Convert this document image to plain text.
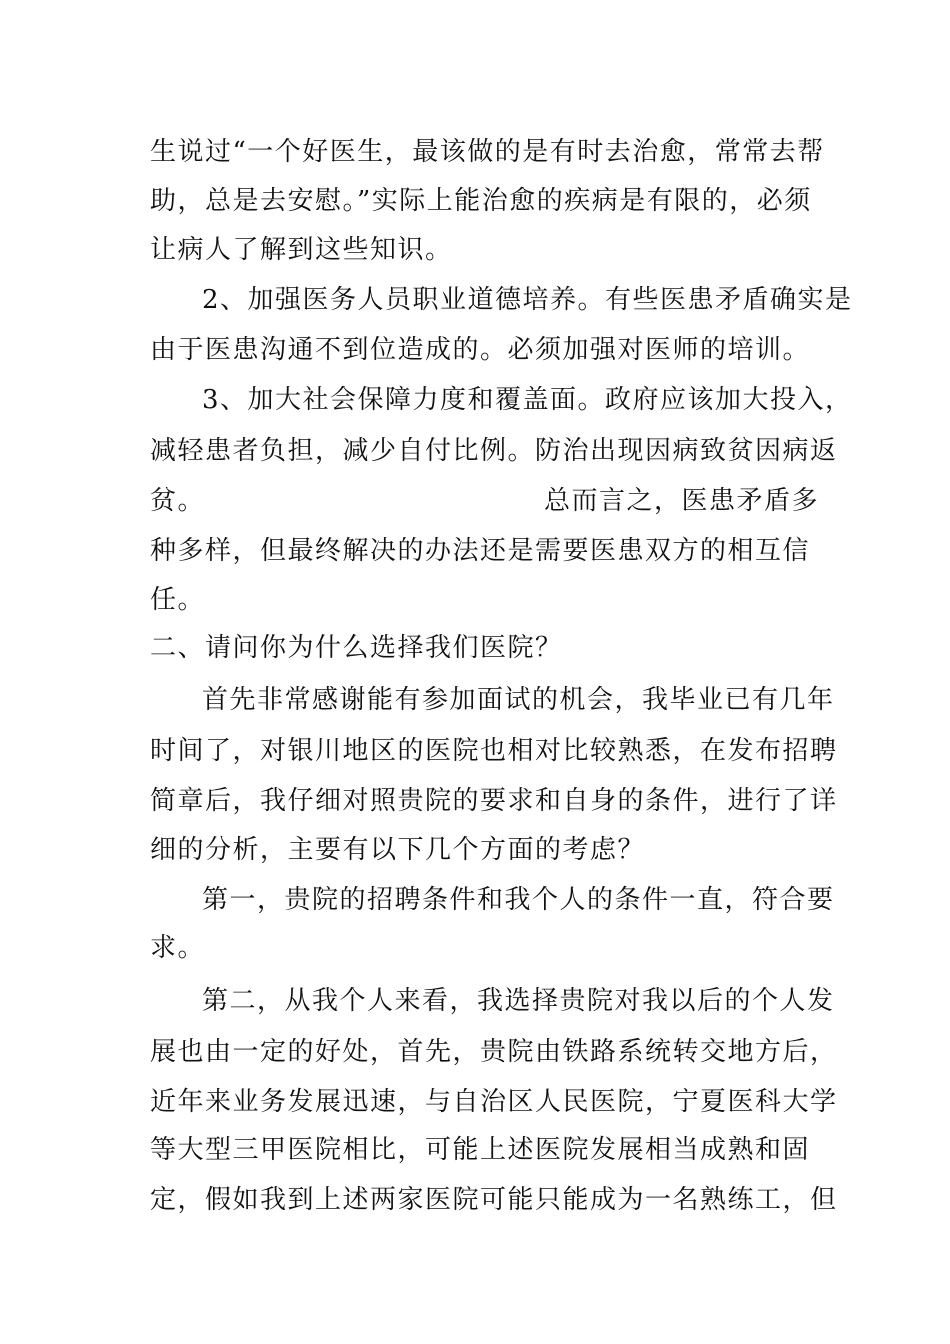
生说过“一个好医生，最该做的是有时去治愈，常常去帮
助，总是去安慰。”实际上能治愈的疾病是有限的，必须
让病人了解到这些知识。
2、加强医务人员职业道德培养。有些医患矛盾确实是
由于医患沟通不到位造成的。必须加强对医师的培训。
3、加大社会保障力度和覆盖面。政府应该加大投入，
减轻患者负担，减少自付比例。防治出现因病致贫因病返
贫。	总而言之，医患矛盾多
种多样，但最终解决的办法还是需要医患双方的相互信
任。
二、请问你为什么选择我们医院？
首先非常感谢能有参加面试的机会，我毕业已有几年
时间了，对银川地区的医院也相对比较熟悉，在发布招聘
简章后，我仔细对照贵院的要求和自身的条件，进行了详
细的分析，主要有以下几个方面的考虑？
第一，贵院的招聘条件和我个人的条件一直，符合要
求。
第二，从我个人来看，我选择贵院对我以后的个人发
展也由一定的好处，首先，贵院由铁路系统转交地方后，
近年来业务发展迅速，与自治区人民医院，宁夏医科大学
等大型三甲医院相比，可能上述医院发展相当成熟和固
定，假如我到上述两家医院可能只能成为一名熟练工，但
